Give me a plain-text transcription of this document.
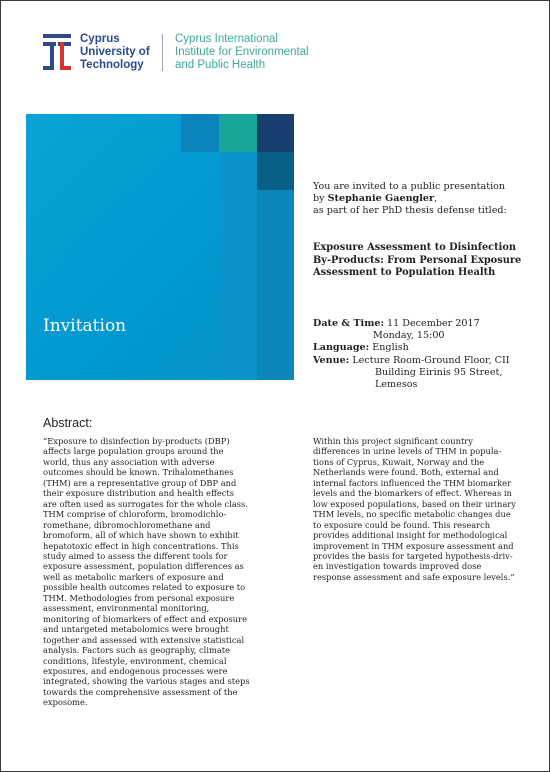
Cyprus
University of
Technology
Cyprus International
Institute for Environmental
and Public Health
Invitation
You are invited to a public presentation
by Stephanie Gaengler,
as part of her PhD thesis defense titled:
Exposure Assessment to Disinfection
By-Products: From Personal Exposure
Assessment to Population Health
Date & Time: 11 December 2017
Monday, 15:00
Language: English
Venue: Lecture Room-Ground Floor, CII
Building Eirinis 95 Street, Lemesos
Abstract:
“Exposure to disinfection by-products (DBP)
affects large population groups around the
world, thus any association with adverse
outcomes should be known. Trihalomethanes
(THM) are a representative group of DBP and
their exposure distribution and health effects
are often used as surrogates for the whole class.
THM comprise of chloroform, bromodichlo-
romethane, dibromochloromethane and
bromoform, all of which have shown to exhibit
hepatotoxic effect in high concentrations. This
study aimed to assess the different tools for
exposure assessment, population differences as
well as metabolic markers of exposure and
possible health outcomes related to exposure to
THM. Methodologies from personal exposure
assessment, environmental monitoring,
monitoring of biomarkers of effect and exposure
and untargeted metabolomics were brought
together and assessed with extensive statistical
analysis. Factors such as geography, climate
conditions, lifestyle, environment, chemical
exposures, and endogenous processes were
integrated, showing the various stages and steps
towards the comprehensive assessment of the
exposome.
Within this project significant country
differences in urine levels of THM in popula-
tions of Cyprus, Kuwait, Norway and the
Netherlands were found. Both, external and
internal factors influenced the THM biomarker
levels and the biomarkers of effect. Whereas in
low exposed populations, based on their urinary
THM levels, no specific metabolic changes due
to exposure could be found. This research
provides additional insight for methodological
improvement in THM exposure assessment and
provides the basis for targeted hypothesis-driv-
en investigation towards improved dose
response assessment and safe exposure levels.”
